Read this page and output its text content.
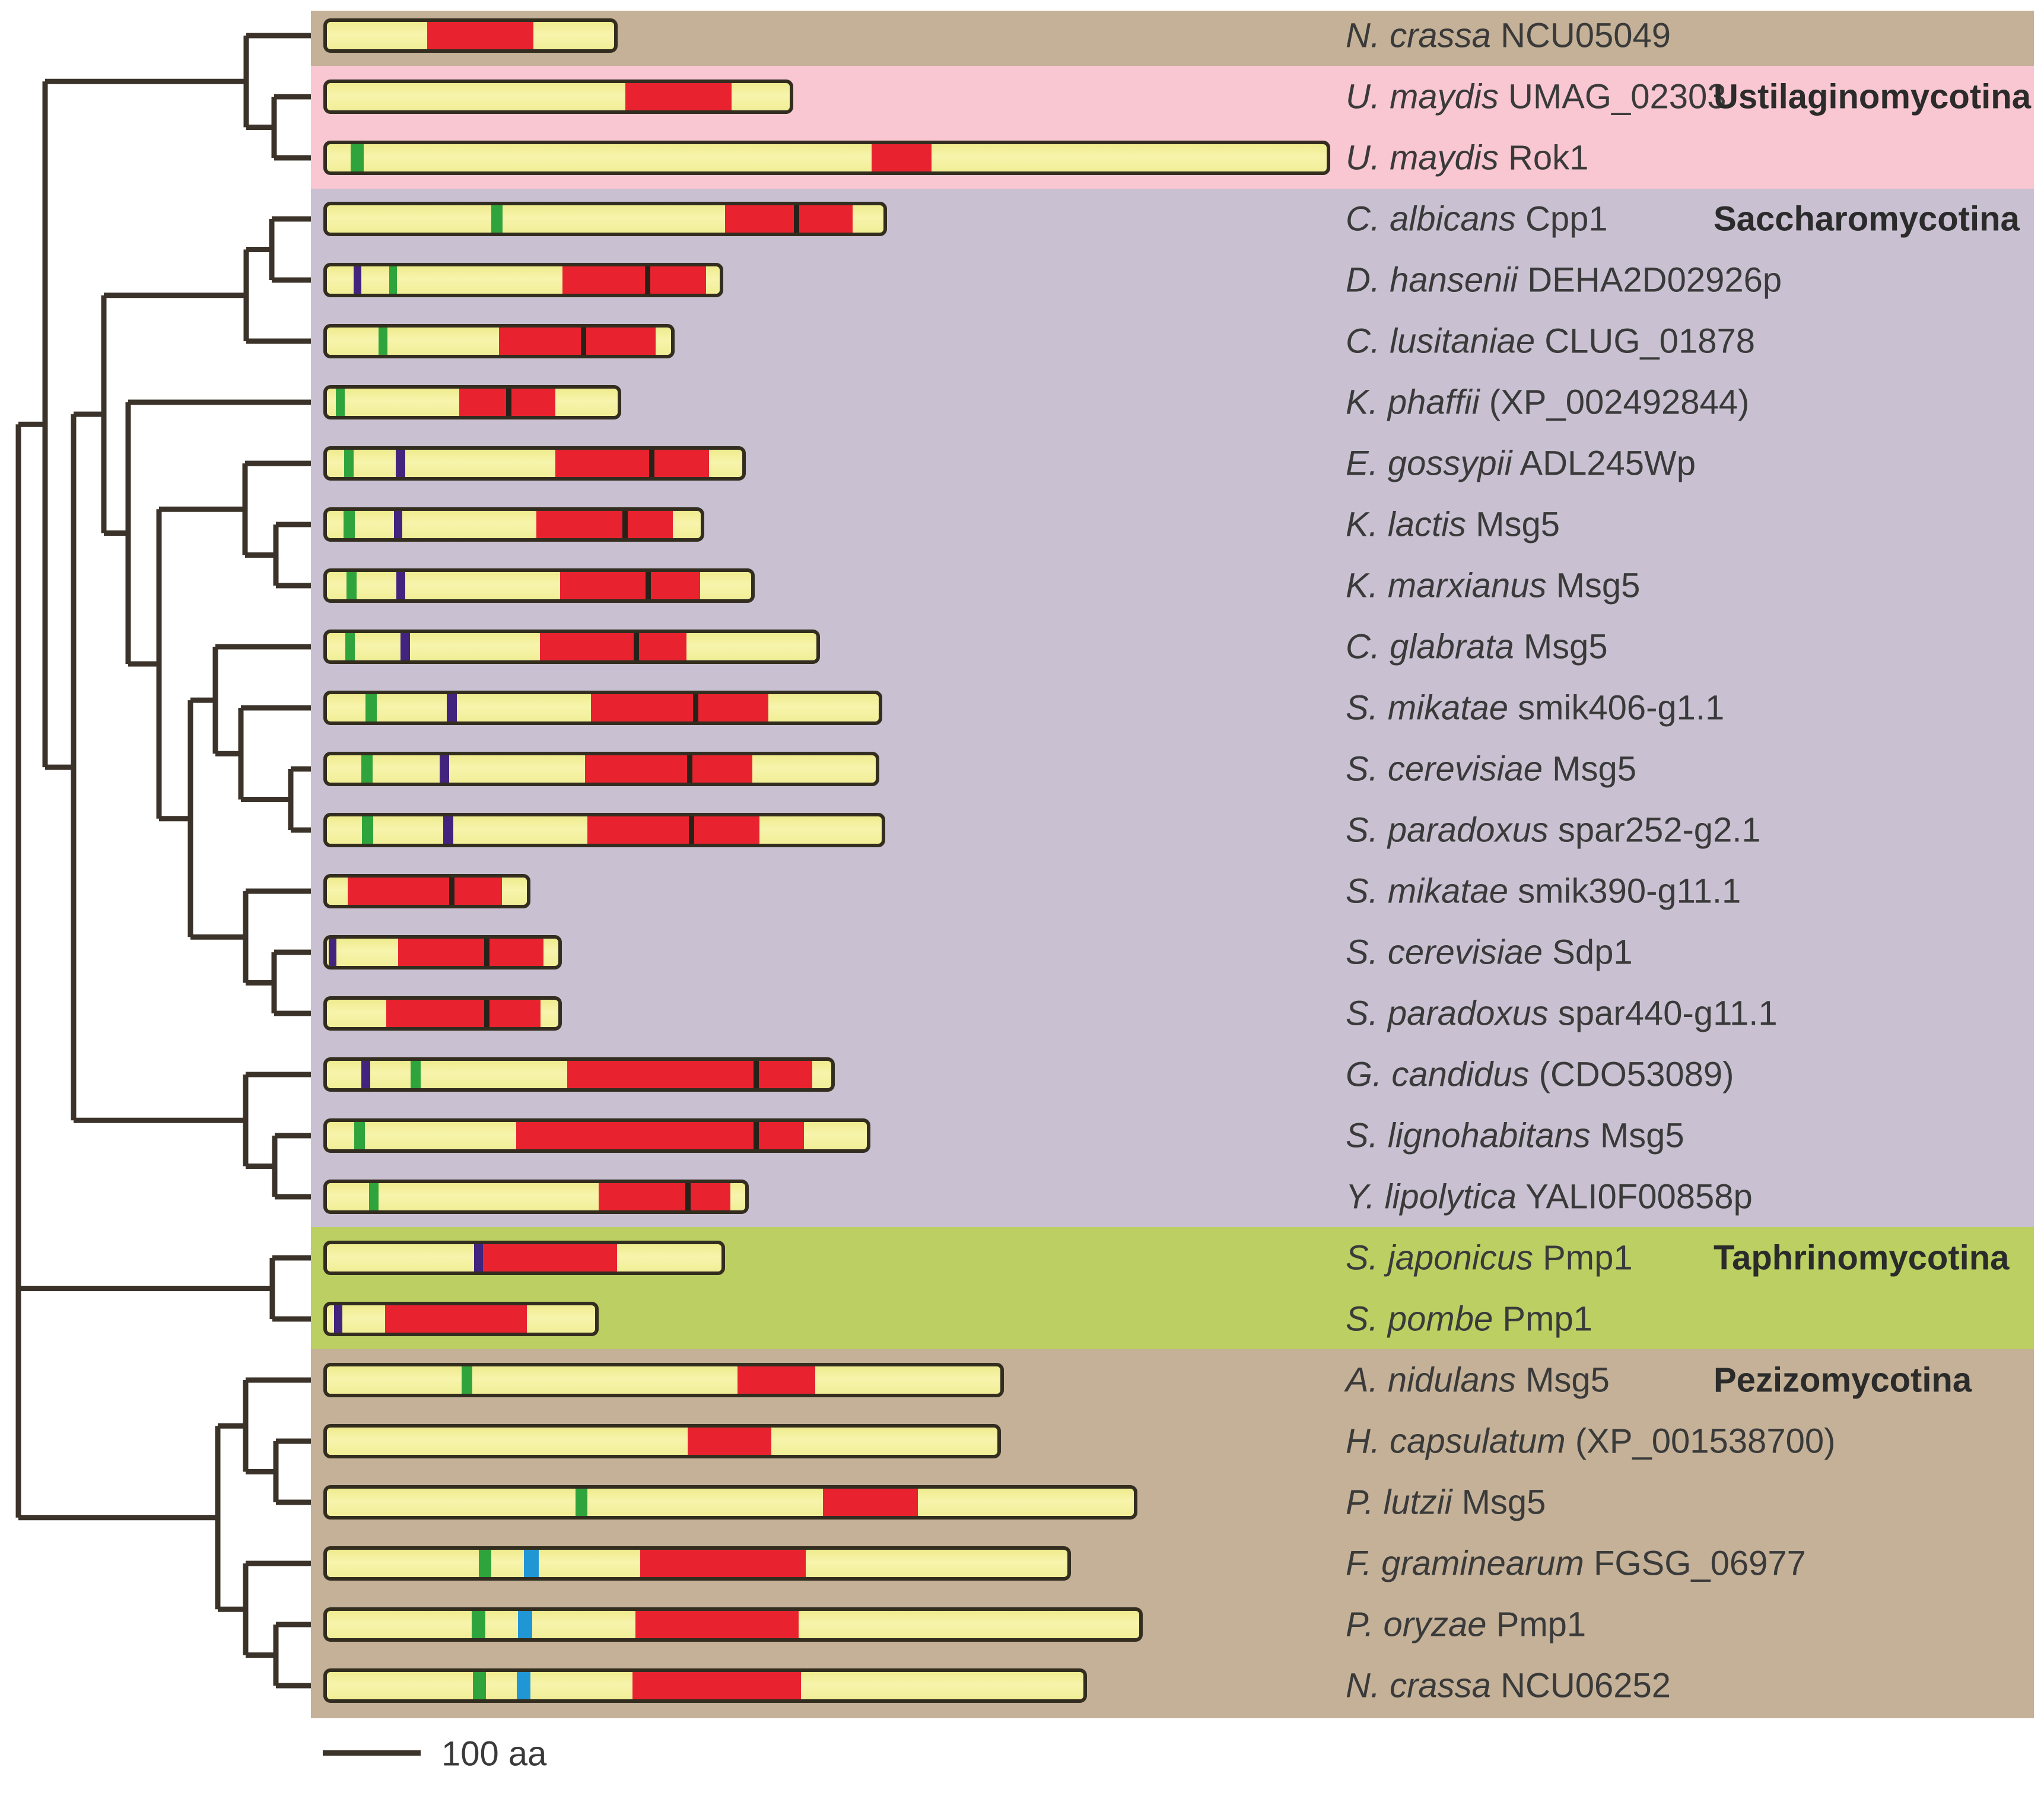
N. crassa NCU05049
U. maydis UMAG_02303
U. maydis Rok1
C. albicans Cpp1
D. hansenii DEHA2D02926p
C. lusitaniae CLUG_01878
K. phaffii (XP_002492844)
E. gossypii ADL245Wp
K. lactis Msg5
K. marxianus Msg5
C. glabrata Msg5
S. mikatae smik406-g1.1
S. cerevisiae Msg5
S. paradoxus spar252-g2.1
S. mikatae smik390-g11.1
S. cerevisiae Sdp1
S. paradoxus spar440-g11.1
G. candidus (CDO53089)
S. lignohabitans Msg5
Y. lipolytica YALI0F00858p
S. japonicus Pmp1
S. pombe Pmp1
A. nidulans Msg5
H. capsulatum (XP_001538700)
P. lutzii Msg5
F. graminearum FGSG_06977
P. oryzae Pmp1
N. crassa NCU06252
Ustilaginomycotina
Saccharomycotina
Taphrinomycotina
Pezizomycotina
100 aa
